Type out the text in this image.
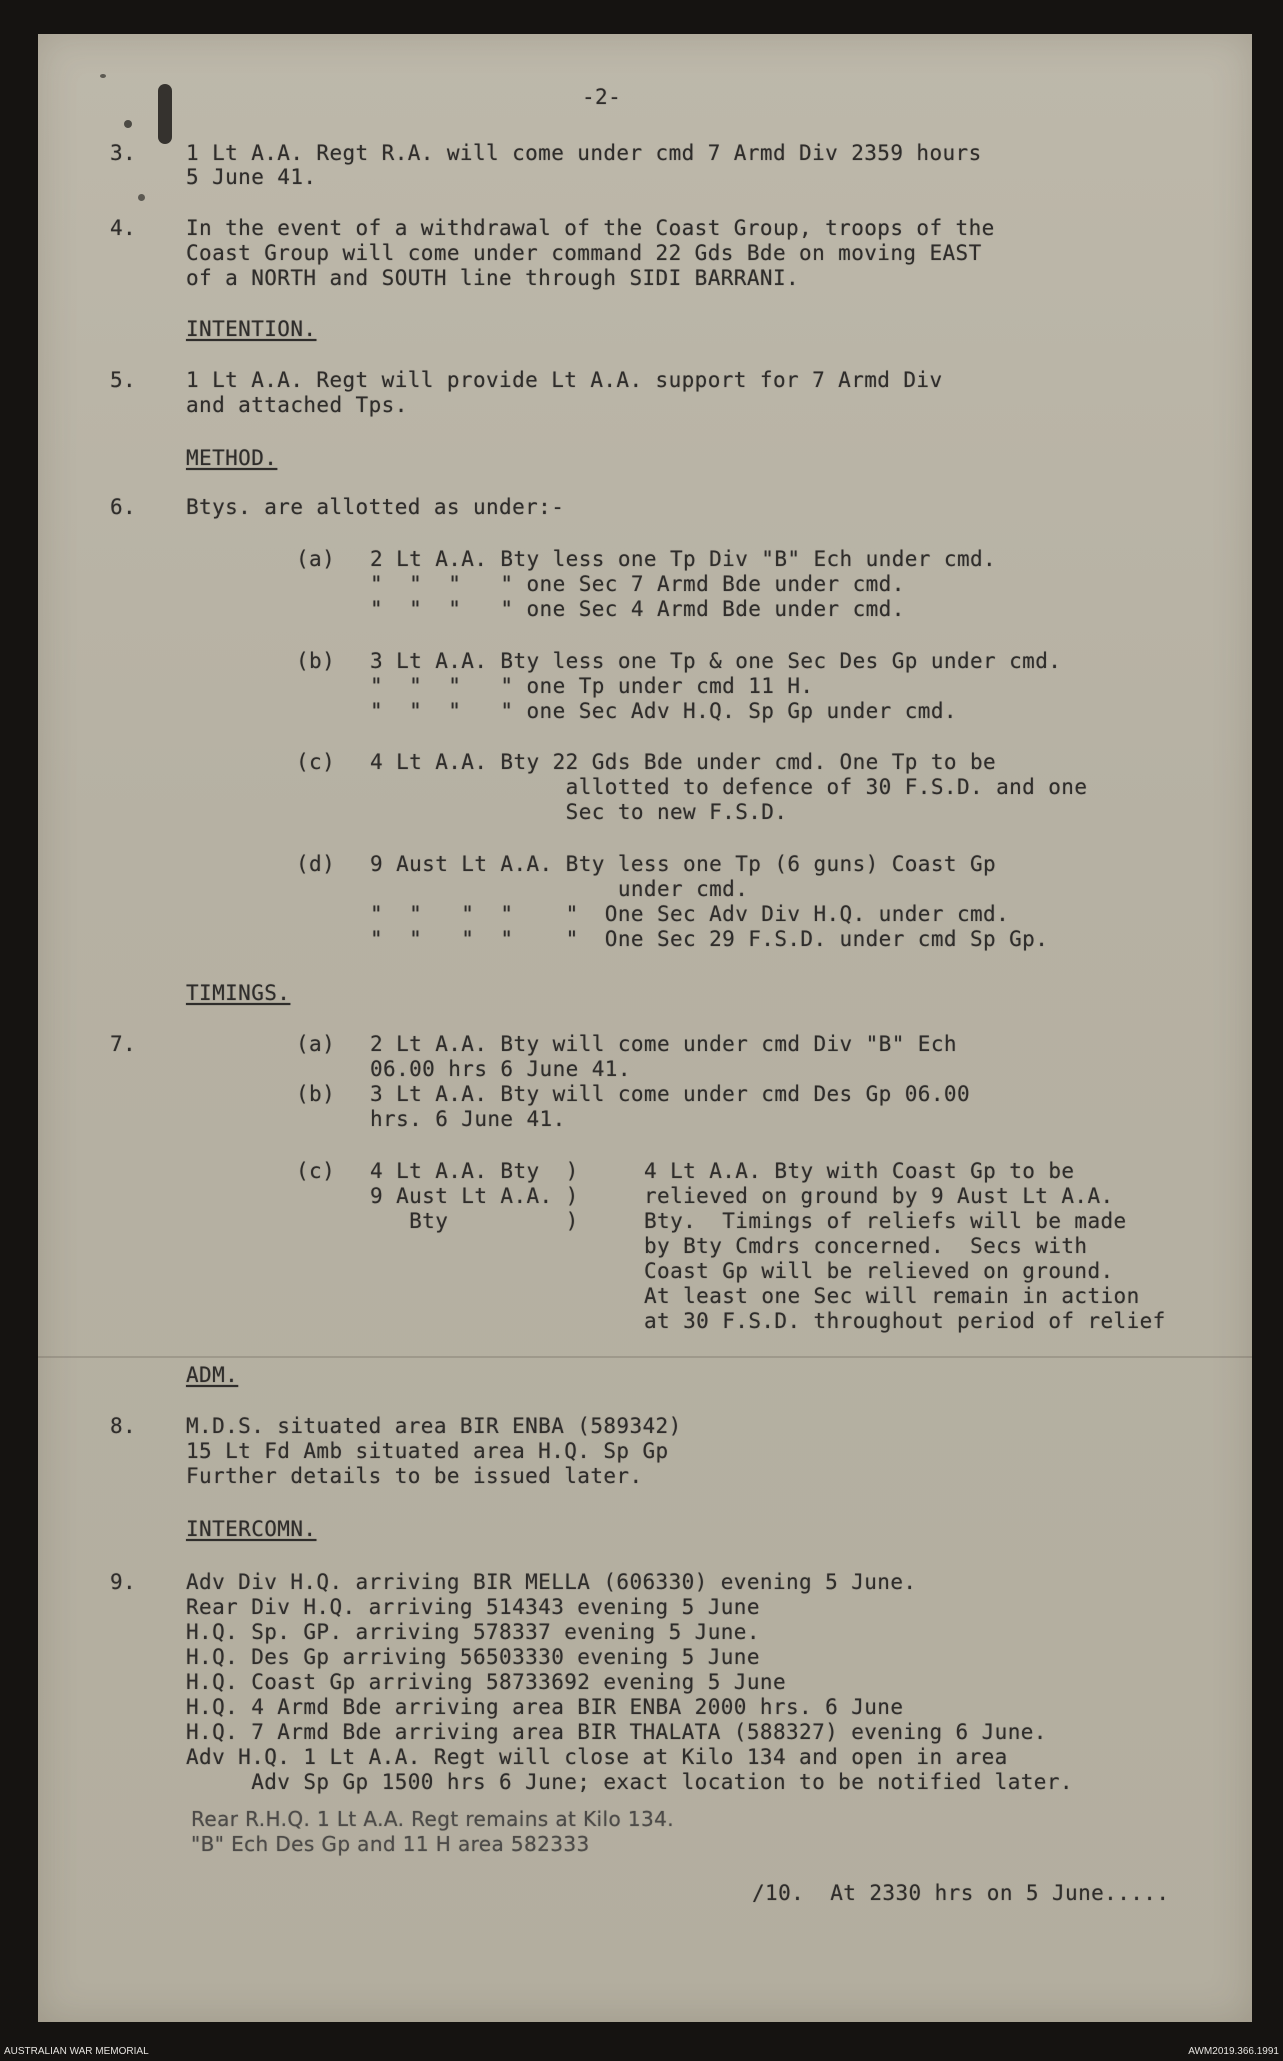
-2-
3. 1 Lt A.A. Regt R.A. will come under cmd 7 Armd Div 2359 hours
5 June 41.
4. In the event of a withdrawal of the Coast Group, troops of the
Coast Group will come under command 22 Gds Bde on moving EAST
of a NORTH and SOUTH line through SIDI BARRANI.
INTENTION.
5. 1 Lt A.A. Regt will provide Lt A.A. support for 7 Armd Div
and attached Tps.
METHOD.
6. Btys. are allotted as under:-
(a) 2 Lt A.A. Bty less one Tp Div "B" Ech under cmd.
"  "  "   " one Sec 7 Armd Bde under cmd.
"  "  "   " one Sec 4 Armd Bde under cmd.
(b) 3 Lt A.A. Bty less one Tp & one Sec Des Gp under cmd.
"  "  "   " one Tp under cmd 11 H.
"  "  "   " one Sec Adv H.Q. Sp Gp under cmd.
(c) 4 Lt A.A. Bty 22 Gds Bde under cmd. One Tp to be
allotted to defence of 30 F.S.D. and one
Sec to new F.S.D.
(d) 9 Aust Lt A.A. Bty less one Tp (6 guns) Coast Gp
under cmd.
"  "   "  "    "  One Sec Adv Div H.Q. under cmd.
"  "   "  "    "  One Sec 29 F.S.D. under cmd Sp Gp.
TIMINGS.
7.	(a) 2 Lt A.A. Bty will come under cmd Div "B" Ech
06.00 hrs 6 June 41.
(b) 3 Lt A.A. Bty will come under cmd Des Gp 06.00
hrs. 6 June 41.
(c) 4 Lt A.A. Bty  )
9 Aust Lt A.A. )
Bty         )
4 Lt A.A. Bty with Coast Gp to be
relieved on ground by 9 Aust Lt A.A.
Bty.  Timings of reliefs will be made
by Bty Cmdrs concerned.  Secs with
Coast Gp will be relieved on ground.
At least one Sec will remain in action
at 30 F.S.D. throughout period of relief
ADM.
8. M.D.S. situated area BIR ENBA (589342)
15 Lt Fd Amb situated area H.Q. Sp Gp
Further details to be issued later.
INTERCOMN.
9. Adv Div H.Q. arriving BIR MELLA (606330) evening 5 June.
Rear Div H.Q. arriving 514343 evening 5 June
H.Q. Sp. GP. arriving 578337 evening 5 June.
H.Q. Des Gp arriving 56503330 evening 5 June
H.Q. Coast Gp arriving 58733692 evening 5 June
H.Q. 4 Armd Bde arriving area BIR ENBA 2000 hrs. 6 June
H.Q. 7 Armd Bde arriving area BIR THALATA (588327) evening 6 June.
Adv H.Q. 1 Lt A.A. Regt will close at Kilo 134 and open in area
Adv Sp Gp 1500 hrs 6 June; exact location to be notified later.
Rear R.H.Q. 1 Lt A.A. Regt remains at Kilo 134.
"B" Ech Des Gp and 11 H area 582333
/10.  At 2330 hrs on 5 June.....
AUSTRALIAN WAR MEMORIAL	AWM2019.366.1991
